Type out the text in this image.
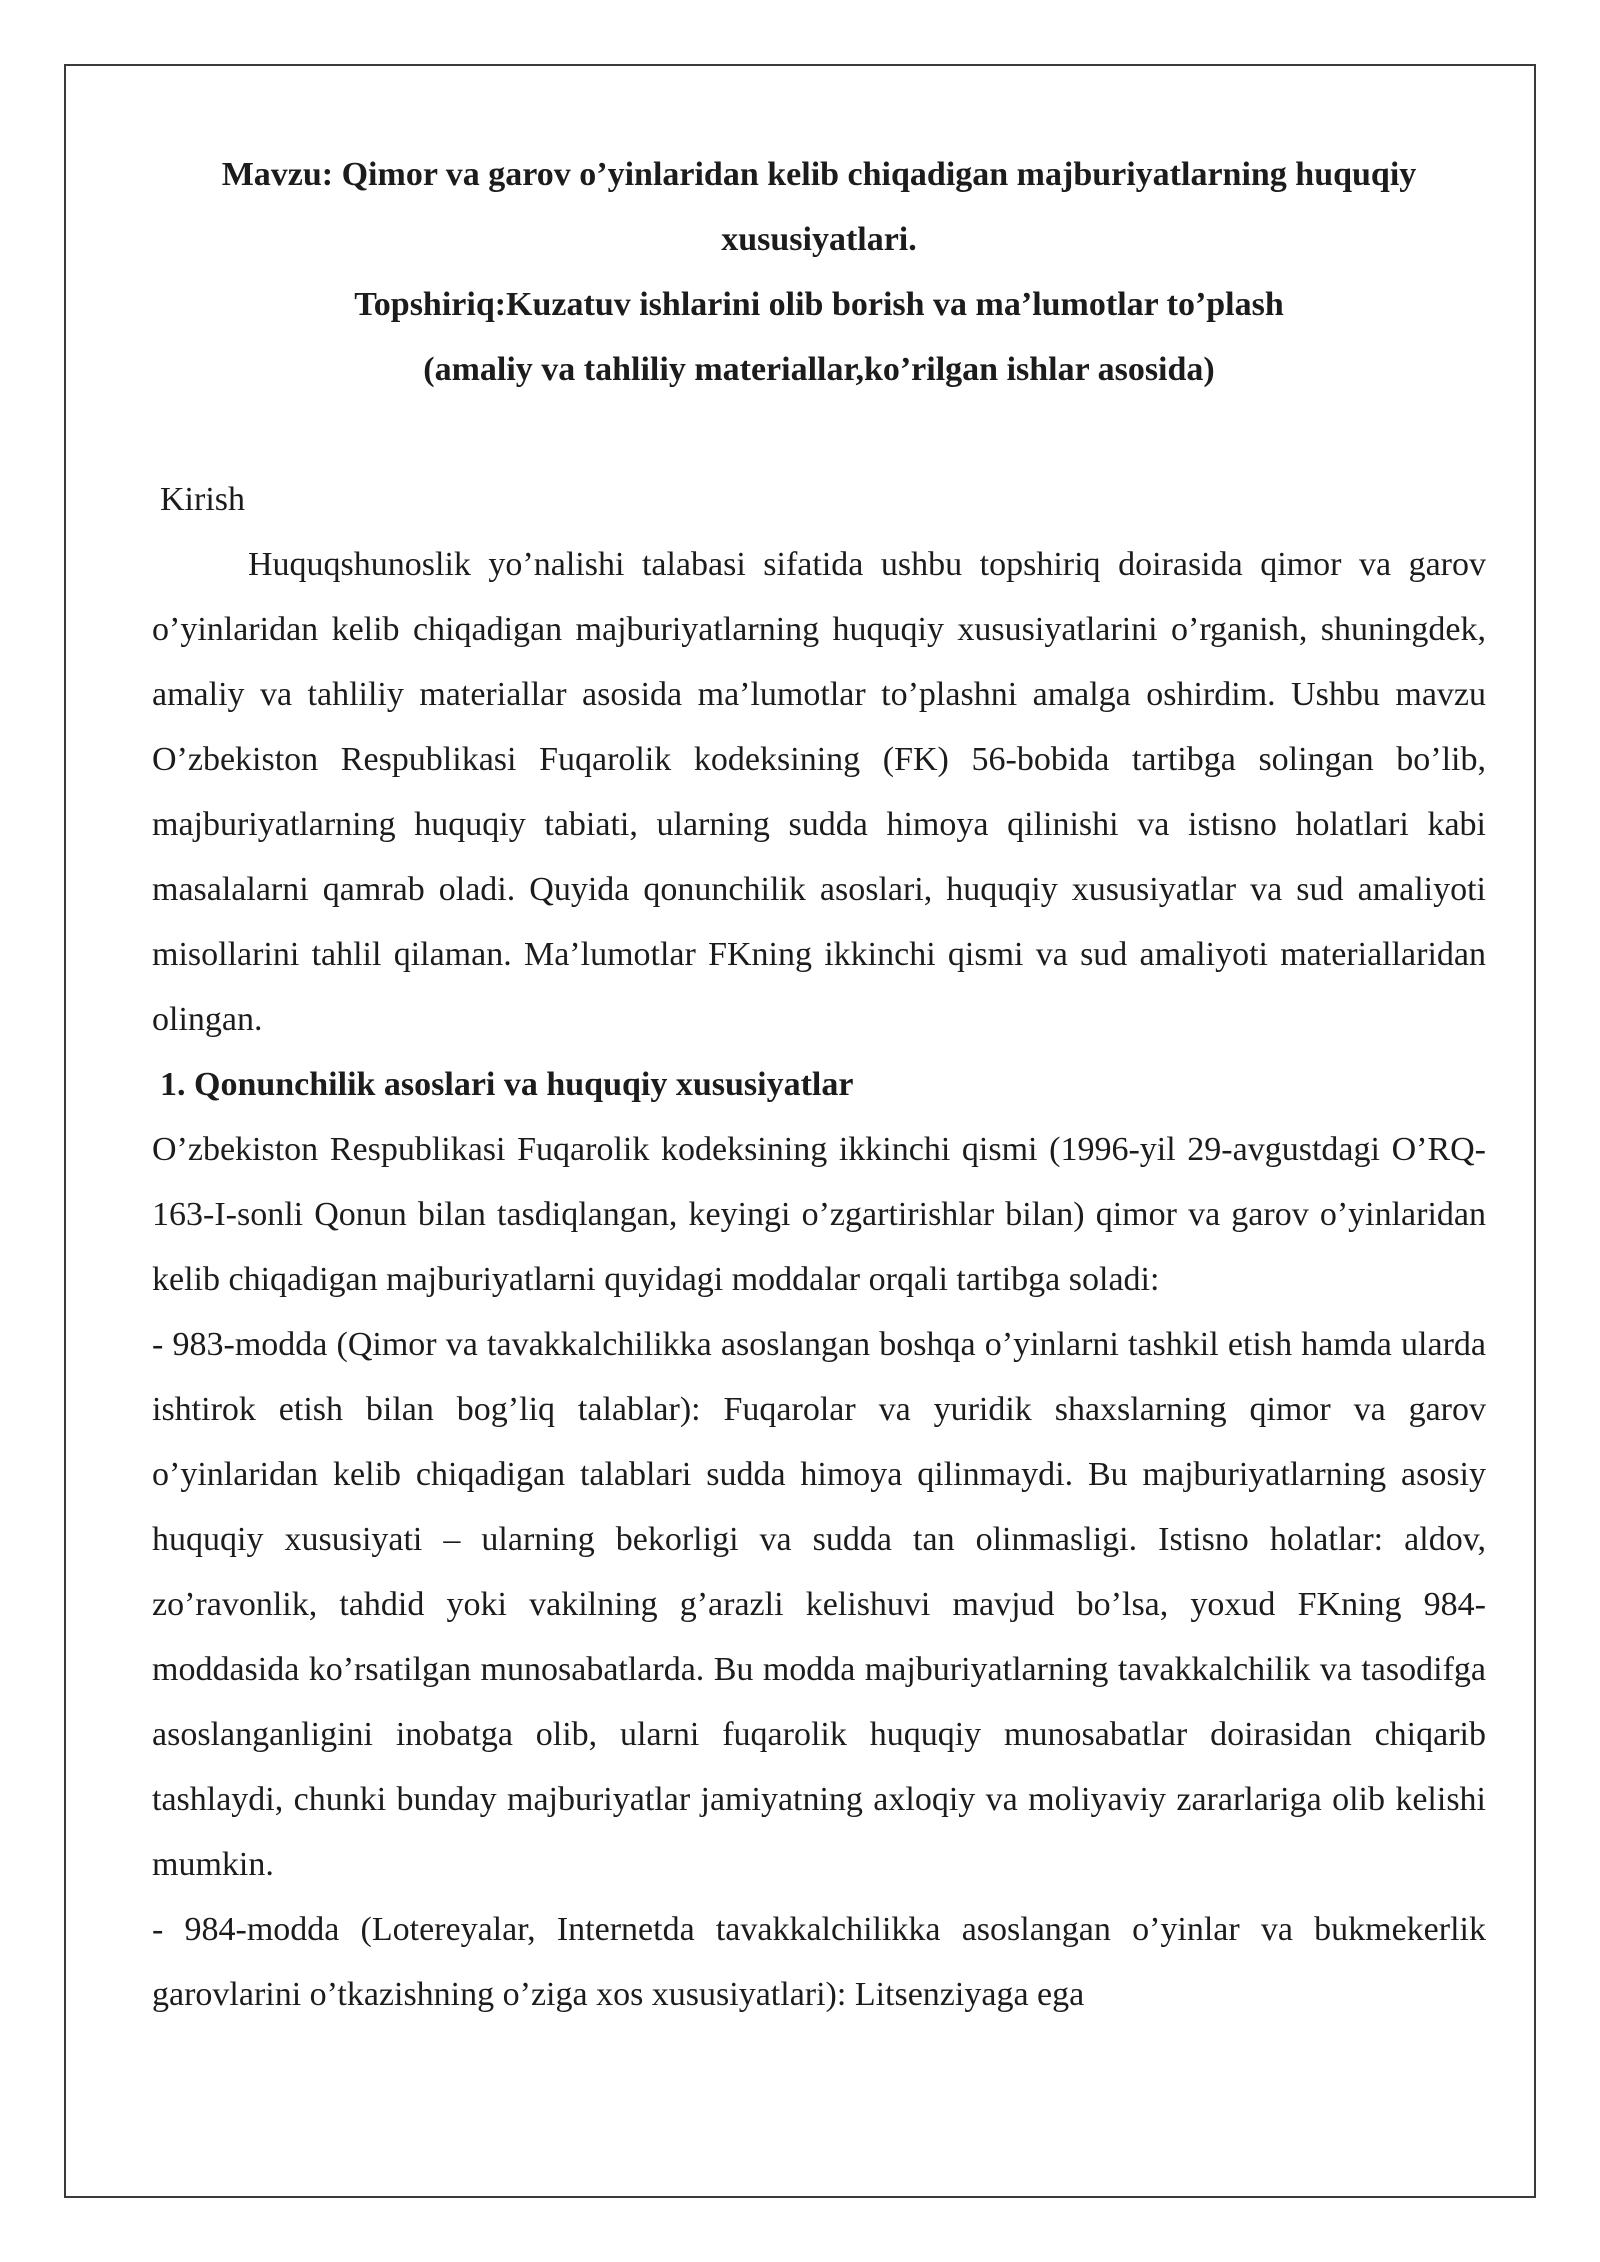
Mavzu: Qimor va garov o’yinlaridan kelib chiqadigan majburiyatlarning huquqiy xususiyatlari.

Topshiriq:Kuzatuv ishlarini olib borish va ma’lumotlar to’plash

(amaliy va tahliliy materiallar,ko’rilgan ishlar asosida)

Kirish

Huquqshunoslik yo’nalishi talabasi sifatida ushbu topshiriq doirasida qimor va garov o’yinlaridan kelib chiqadigan majburiyatlarning huquqiy xususiyatlarini o’rganish, shuningdek, amaliy va tahliliy materiallar asosida ma’lumotlar to’plashni amalga oshirdim. Ushbu mavzu O’zbekiston Respublikasi Fuqarolik kodeksining (FK) 56-bobida tartibga solingan bo’lib, majburiyatlarning huquqiy tabiati, ularning sudda himoya qilinishi va istisno holatlari kabi masalalarni qamrab oladi. Quyida qonunchilik asoslari, huquqiy xususiyatlar va sud amaliyoti misollarini tahlil qilaman. Ma’lumotlar FKning ikkinchi qismi va sud amaliyoti materiallaridan olingan.

1. Qonunchilik asoslari va huquqiy xususiyatlar

O’zbekiston Respublikasi Fuqarolik kodeksining ikkinchi qismi (1996-yil 29-avgustdagi O’RQ-163-I-sonli Qonun bilan tasdiqlangan, keyingi o’zgartirishlar bilan) qimor va garov o’yinlaridan kelib chiqadigan majburiyatlarni quyidagi moddalar orqali tartibga soladi:

- 983-modda (Qimor va tavakkalchilikka asoslangan boshqa o’yinlarni tashkil etish hamda ularda ishtirok etish bilan bog’liq talablar): Fuqarolar va yuridik shaxslarning qimor va garov o’yinlaridan kelib chiqadigan talablari sudda himoya qilinmaydi. Bu majburiyatlarning asosiy huquqiy xususiyati – ularning bekorligi va sudda tan olinmasligi. Istisno holatlar: aldov, zo’ravonlik, tahdid yoki vakilning g’arazli kelishuvi mavjud bo’lsa, yoxud FKning 984-moddasida ko’rsatilgan munosabatlarda. Bu modda majburiyatlarning tavakkalchilik va tasodifga asoslanganligini inobatga olib, ularni fuqarolik huquqiy munosabatlar doirasidan chiqarib tashlaydi, chunki bunday majburiyatlar jamiyatning axloqiy va moliyaviy zararlariga olib kelishi mumkin.

- 984-modda (Lotereyalar, Internetda tavakkalchilikka asoslangan o’yinlar va bukmekerlik garovlarini o’tkazishning o’ziga xos xususiyatlari): Litsenziyaga ega
